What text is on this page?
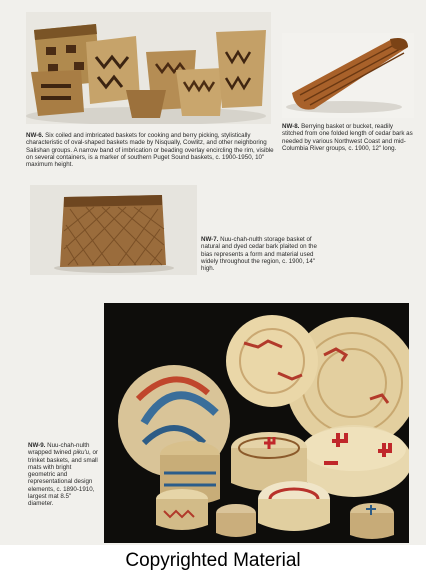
NW-6. Six coiled and imbricated baskets for cooking and berry picking, stylistically characteristic of oval-shaped baskets made by Nisqually, Cowlitz, and other neighboring Salishan groups. A narrow band of imbrication or beading overlay encircling the rim, visible on several containers, is a marker of southern Puget Sound baskets, c. 1900-1950, 10" maximum height.
NW-8. Berrying basket or bucket, readily stitched from one folded length of cedar bark as needed by various Northwest Coast and mid-Columbia River groups, c. 1900, 12" long.
NW-7. Nuu-chah-nulth storage basket of natural and dyed cedar bark plaited on the bias represents a form and material used widely throughout the region, c. 1900, 14" high.
NW-9. Nuu-chah-nulth wrapped twined piku'u, or trinket baskets, and small mats with bright geometric and representational design elements, c. 1890-1910, largest mat 8.5" diameter.
Copyrighted Material
